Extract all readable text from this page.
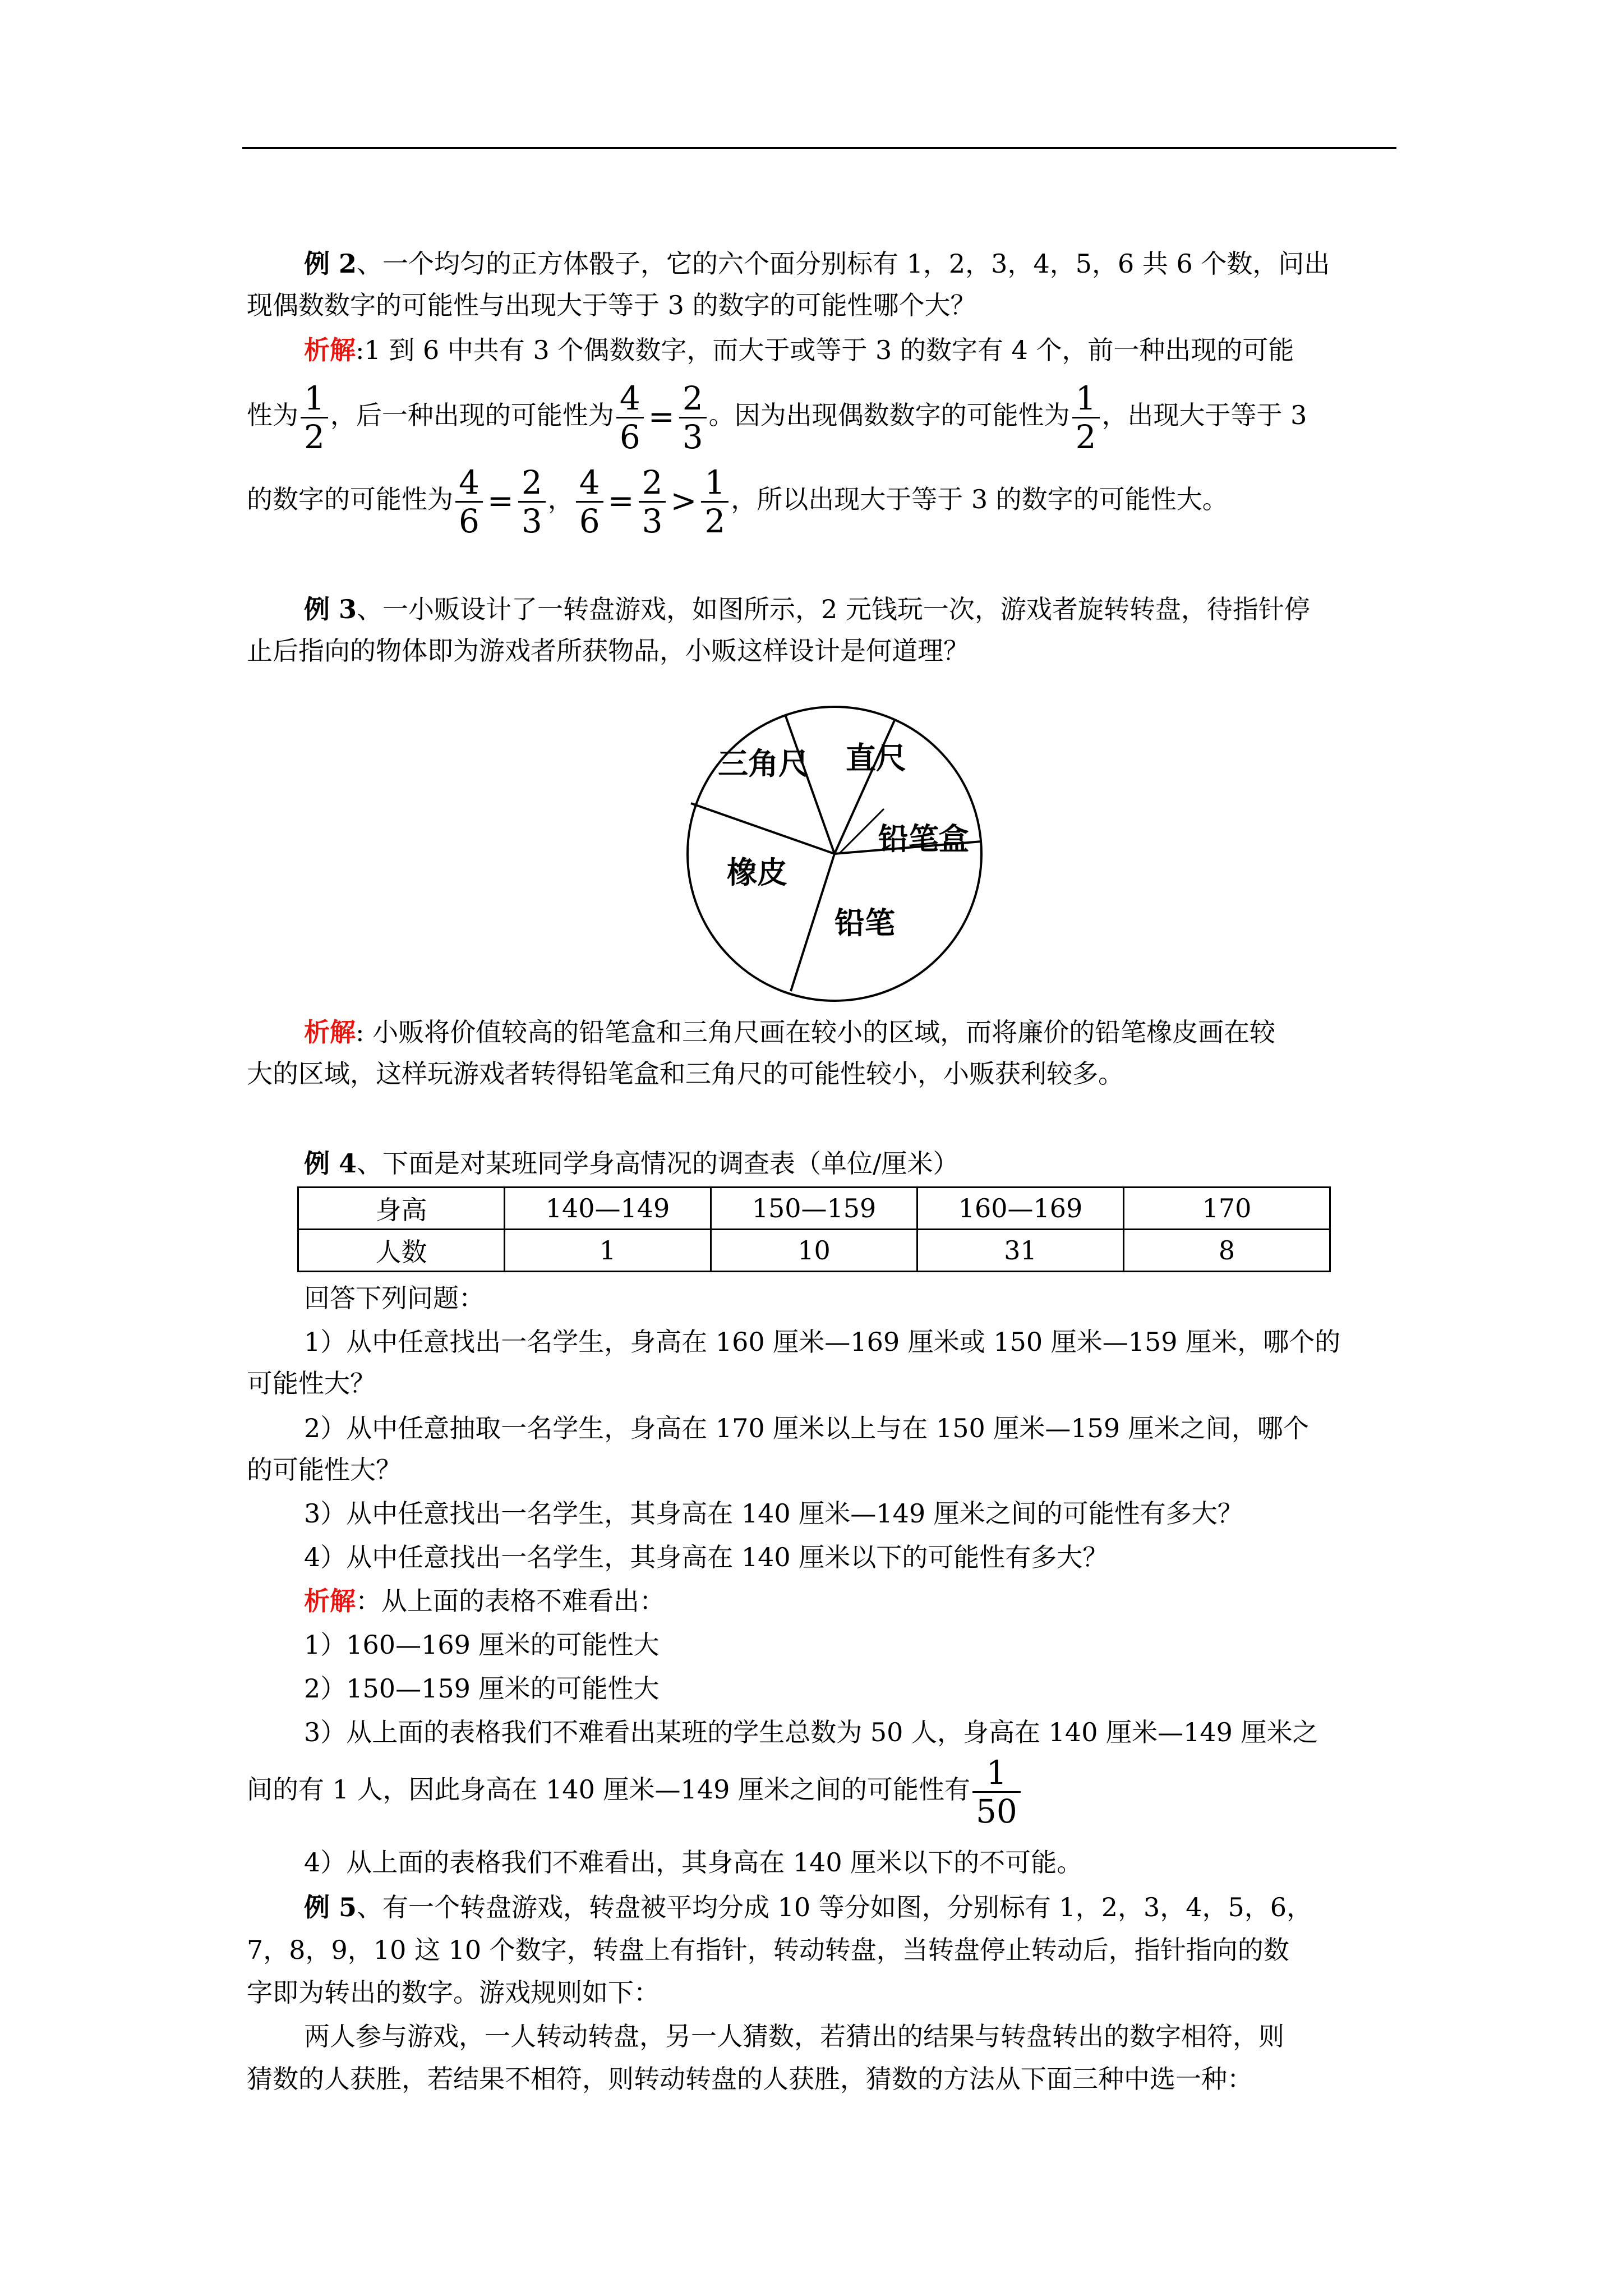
例 2、一个均匀的正方体骰子，它的六个面分别标有 1，2，3，4，5，6 共 6 个数，问出
现偶数数字的可能性与出现大于等于 3 的数字的可能性哪个大？
析解:1 到 6 中共有 3 个偶数数字，而大于或等于 3 的数字有 4 个，前一种出现的可能
性为 $\frac{1}{2}$ ，后一种出现的可能性为 $\frac{4}{6} = \frac{2}{3}$ 。因为出现偶数数字的可能性为 $\frac{1}{2}$ ，出现大于等于 3
的数字的可能性为 $\frac{4}{6} = \frac{2}{3}$ ， $\frac{4}{6} = \frac{2}{3} > \frac{1}{2}$ ，所以出现大于等于 3 的数字的可能性大。
例 3、一小贩设计了一转盘游戏，如图所示，2 元钱玩一次，游戏者旋转转盘，待指针停
止后指向的物体即为游戏者所获物品，小贩这样设计是何道理？
三角尺 直尺
铅笔盒
橡皮
铅笔
析解: 小贩将价值较高的铅笔盒和三角尺画在较小的区域，而将廉价的铅笔橡皮画在较
大的区域，这样玩游戏者转得铅笔盒和三角尺的可能性较小，小贩获利较多。
例 4、下面是对某班同学身高情况的调查表（单位/厘米）
身高	140—149	150—159	160—169	170
人数	1	10	31	8
回答下列问题：
1）从中任意找出一名学生，身高在 160 厘米—169 厘米或 150 厘米—159 厘米，哪个的
可能性大？
2）从中任意抽取一名学生，身高在 170 厘米以上与在 150 厘米—159 厘米之间，哪个
的可能性大？
3）从中任意找出一名学生，其身高在 140 厘米—149 厘米之间的可能性有多大？
4）从中任意找出一名学生，其身高在 140 厘米以下的可能性有多大？
析解：从上面的表格不难看出：
1）160—169 厘米的可能性大
2）150—159 厘米的可能性大
3）从上面的表格我们不难看出某班的学生总数为 50 人，身高在 140 厘米—149 厘米之
间的有 1 人，因此身高在 140 厘米—149 厘米之间的可能性有 $\frac{1}{50}$
4）从上面的表格我们不难看出，其身高在 140 厘米以下的不可能。
例 5、有一个转盘游戏，转盘被平均分成 10 等分如图，分别标有 1，2，3，4，5，6，
7，8，9，10 这 10 个数字，转盘上有指针，转动转盘，当转盘停止转动后，指针指向的数
字即为转出的数字。游戏规则如下：
两人参与游戏，一人转动转盘，另一人猜数，若猜出的结果与转盘转出的数字相符，则
猜数的人获胜，若结果不相符，则转动转盘的人获胜，猜数的方法从下面三种中选一种：
